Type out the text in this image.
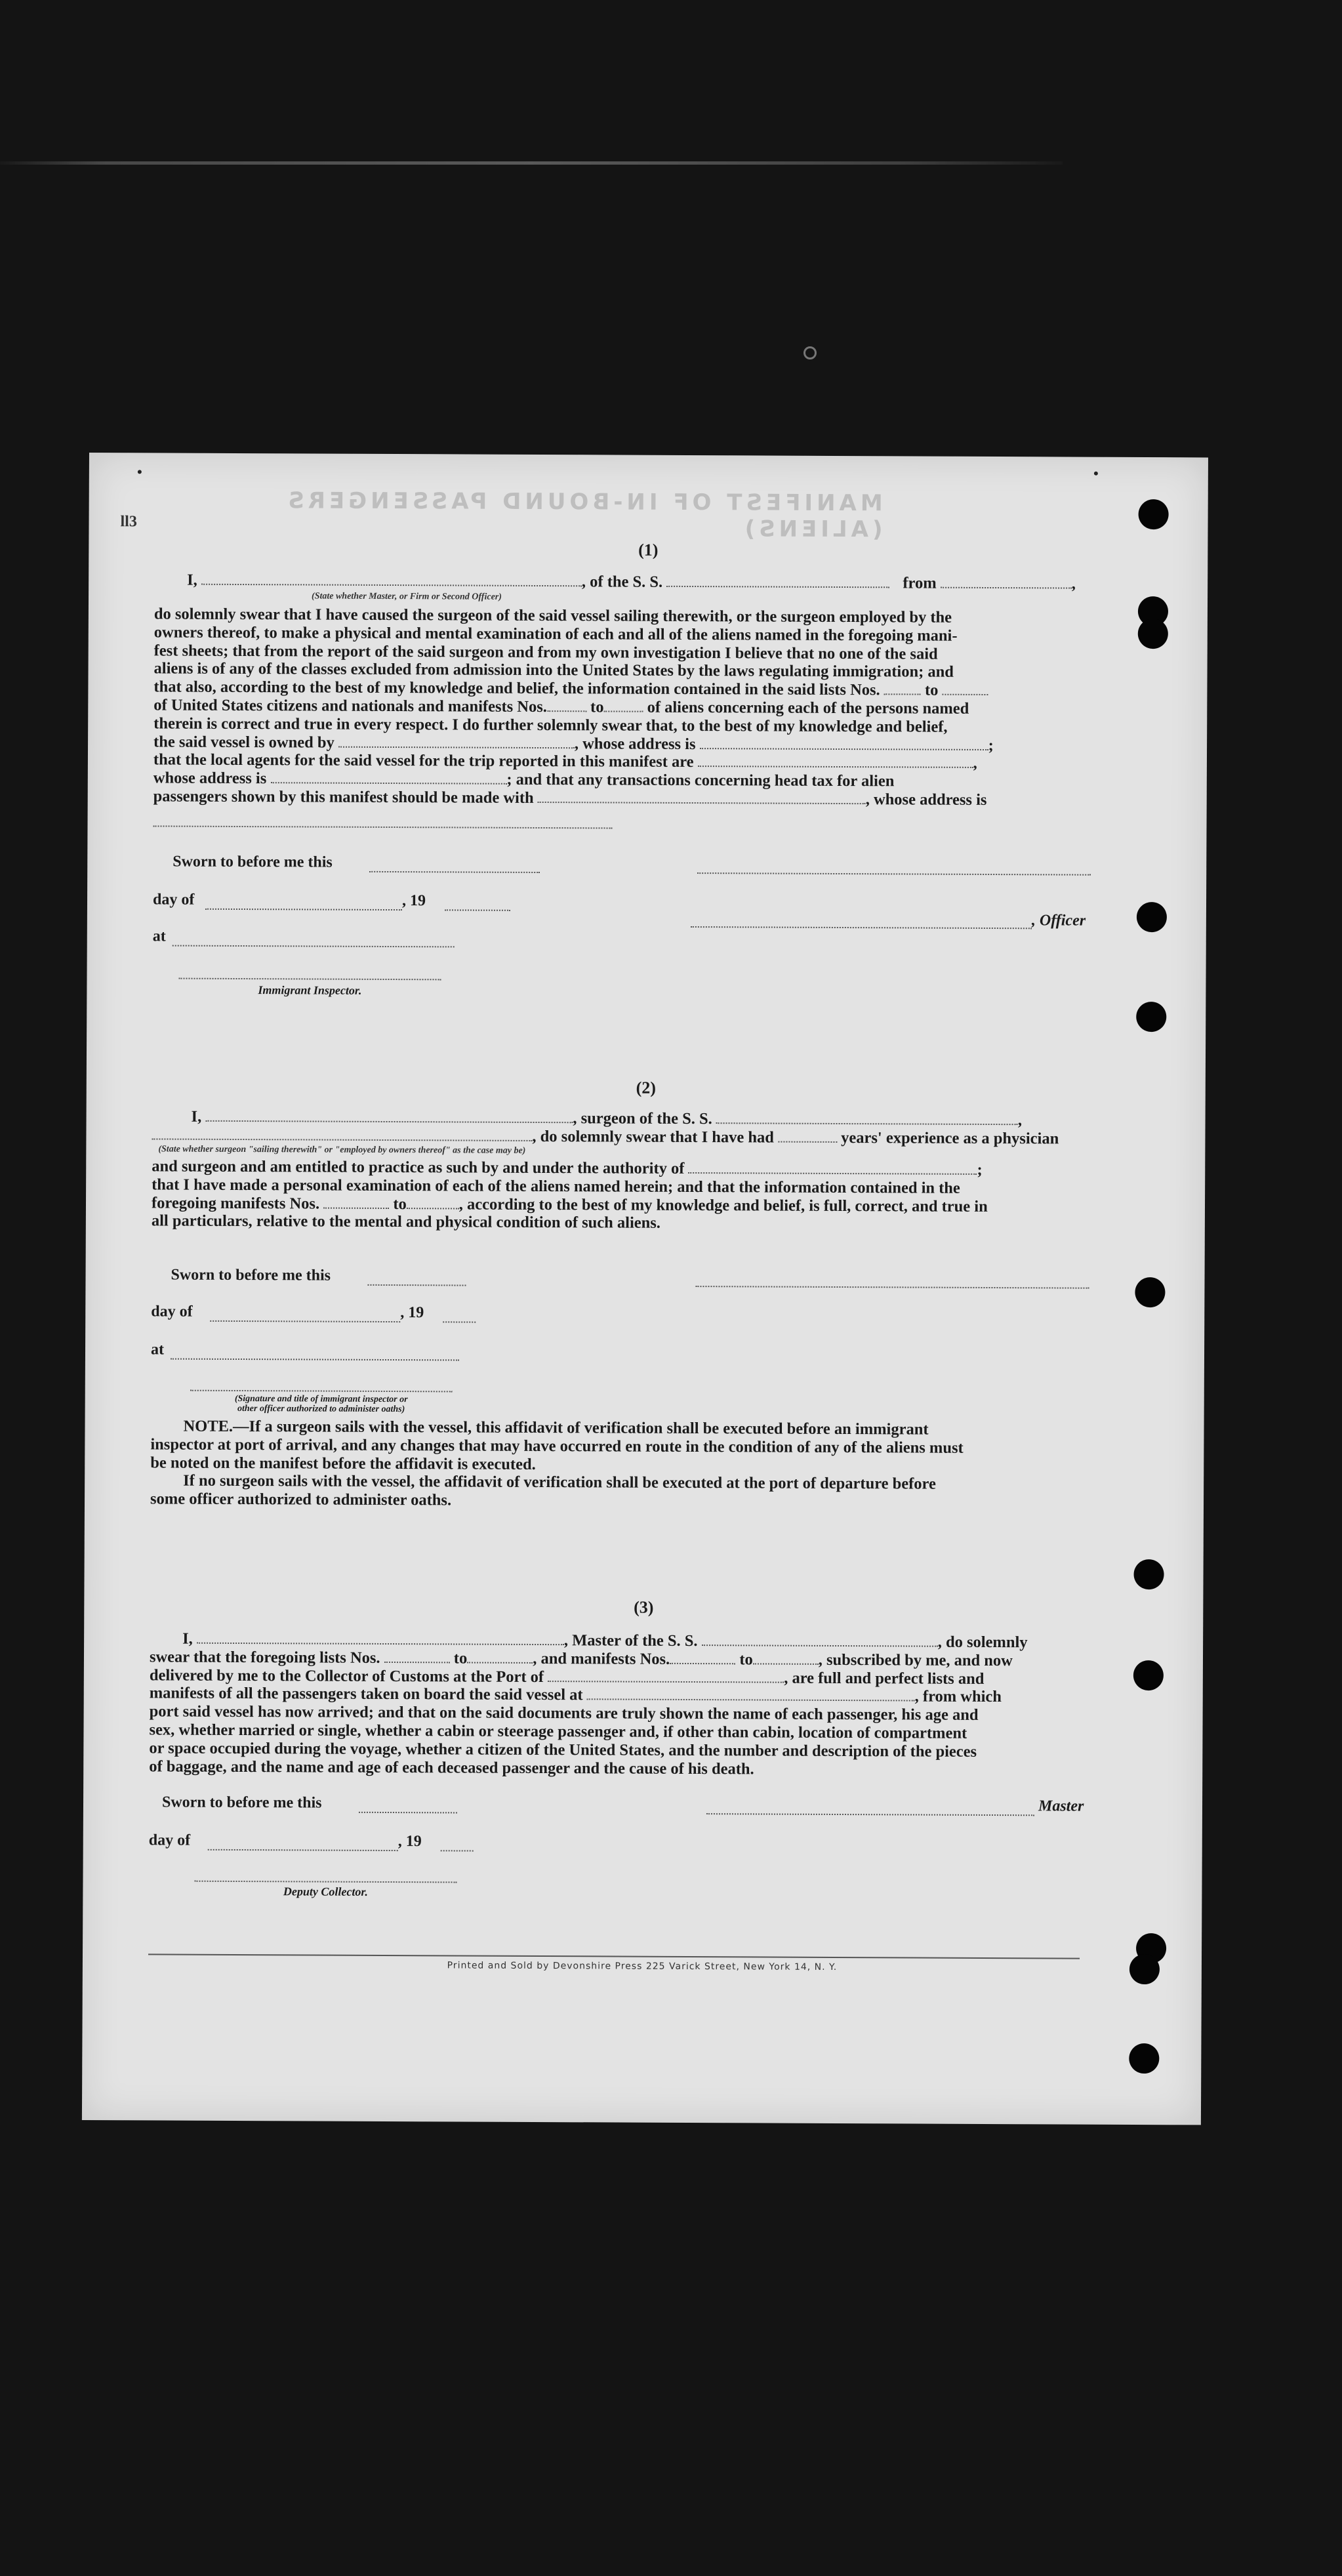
MANIFEST OF IN-BOUND PASSENGERS (ALIENS)
ll3
(1)
I,	, of the S. S.	from	,
(State whether Master, or Firm or Second Officer)
do solemnly swear that I have caused the surgeon of the said vessel sailing therewith, or the surgeon employed by the
owners thereof, to make a physical and mental examination of each and all of the aliens named in the foregoing mani-
fest sheets; that from the report of the said surgeon and from my own investigation I believe that no one of the said
aliens is of any of the classes excluded from admission into the United States by the laws regulating immigration; and
that also, according to the best of my knowledge and belief, the information contained in the said lists Nos.	to
of United States citizens and nationals and manifests Nos.	to	of aliens concerning each of the persons named
therein is correct and true in every respect. I do further solemnly swear that, to the best of my knowledge and belief,
the said vessel is owned by	, whose address is	;
that the local agents for the said vessel for the trip reported in this manifest are	,
whose address is	; and that any transactions concerning head tax for alien
passengers shown by this manifest should be made with	, whose address is
Sworn to before me this
day of	, 19
, Officer
at
Immigrant Inspector.
(2)
I,	, surgeon of the S. S.	,
, do solemnly swear that I have had	years' experience as a physician
(State whether surgeon "sailing therewith" or "employed by owners thereof" as the case may be)
and surgeon and am entitled to practice as such by and under the authority of	;
that I have made a personal examination of each of the aliens named herein; and that the information contained in the
foregoing manifests Nos.	to	, according to the best of my knowledge and belief, is full, correct, and true in
all particulars, relative to the mental and physical condition of such aliens.
Sworn to before me this
day of	, 19
at
(Signature and title of immigrant inspector or
other officer authorized to administer oaths)
NOTE.—If a surgeon sails with the vessel, this affidavit of verification shall be executed before an immigrant
inspector at port of arrival, and any changes that may have occurred en route in the condition of any of the aliens must
be noted on the manifest before the affidavit is executed.
If no surgeon sails with the vessel, the affidavit of verification shall be executed at the port of departure before
some officer authorized to administer oaths.
(3)
I,	, Master of the S. S.	, do solemnly
swear that the foregoing lists Nos.	to	, and manifests Nos.	to	, subscribed by me, and now
delivered by me to the Collector of Customs at the Port of	, are full and perfect lists and
manifests of all the passengers taken on board the said vessel at	, from which
port said vessel has now arrived; and that on the said documents are truly shown the name of each passenger, his age and
sex, whether married or single, whether a cabin or steerage passenger and, if other than cabin, location of compartment
or space occupied during the voyage, whether a citizen of the United States, and the number and description of the pieces
of baggage, and the name and age of each deceased passenger and the cause of his death.
Sworn to before me this	Master
day of	, 19
Deputy Collector.
Printed and Sold by Devonshire Press 225 Varick Street, New York 14, N. Y.
